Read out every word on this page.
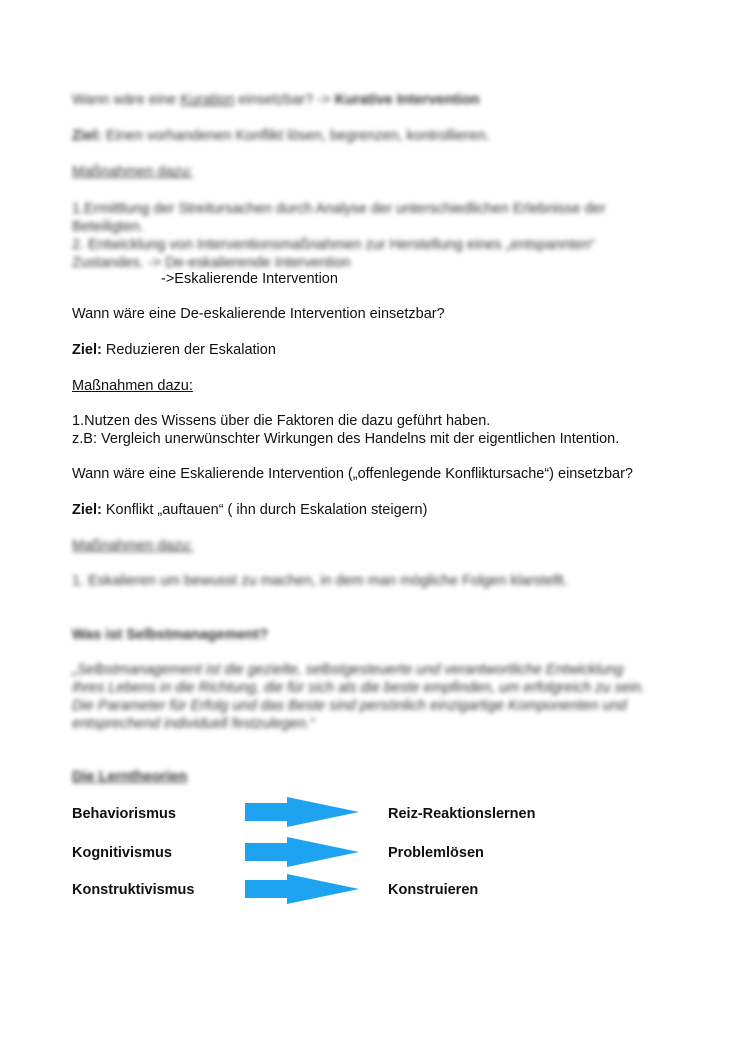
Wann wäre eine Kuration einsetzbar? -> Kurative Intervention
Ziel: Einen vorhandenen Konflikt lösen, begrenzen, kontrollieren.
Maßnahmen dazu:
1.Ermittlung der Streitursachen durch Analyse der unterschiedlichen Erlebnisse der
Beteiligten.
2. Entwicklung von Interventionsmaßnahmen zur Herstellung eines „entspannten“
Zustandes. -> De-eskalierende Intervention
->Eskalierende Intervention
Wann wäre eine De-eskalierende Intervention einsetzbar?
Ziel: Reduzieren der Eskalation
Maßnahmen dazu:
1.Nutzen des Wissens über die Faktoren die dazu geführt haben.
z.B: Vergleich unerwünschter Wirkungen des Handelns mit der eigentlichen Intention.
Wann wäre eine Eskalierende Intervention („offenlegende Konfliktursache“) einsetzbar?
Ziel: Konflikt „auftauen“ ( ihn durch Eskalation steigern)
Maßnahmen dazu:
1. Eskalieren um bewusst zu machen, in dem man mögliche Folgen klarstellt.
Was ist Selbstmanagement?
„Selbstmanagement ist die gezielte, selbstgesteuerte und verantwortliche Entwicklung
Ihres Lebens in die Richtung, die für sich als die beste empfinden, um erfolgreich zu sein.
Die Parameter für Erfolg und das Beste sind persönlich einzigartige Komponenten und
entsprechend individuell festzulegen.“
Die Lerntheorien
Behaviorismus	Reiz-Reaktionslernen
Kognitivismus	Problemlösen
Konstruktivismus	Konstruieren
